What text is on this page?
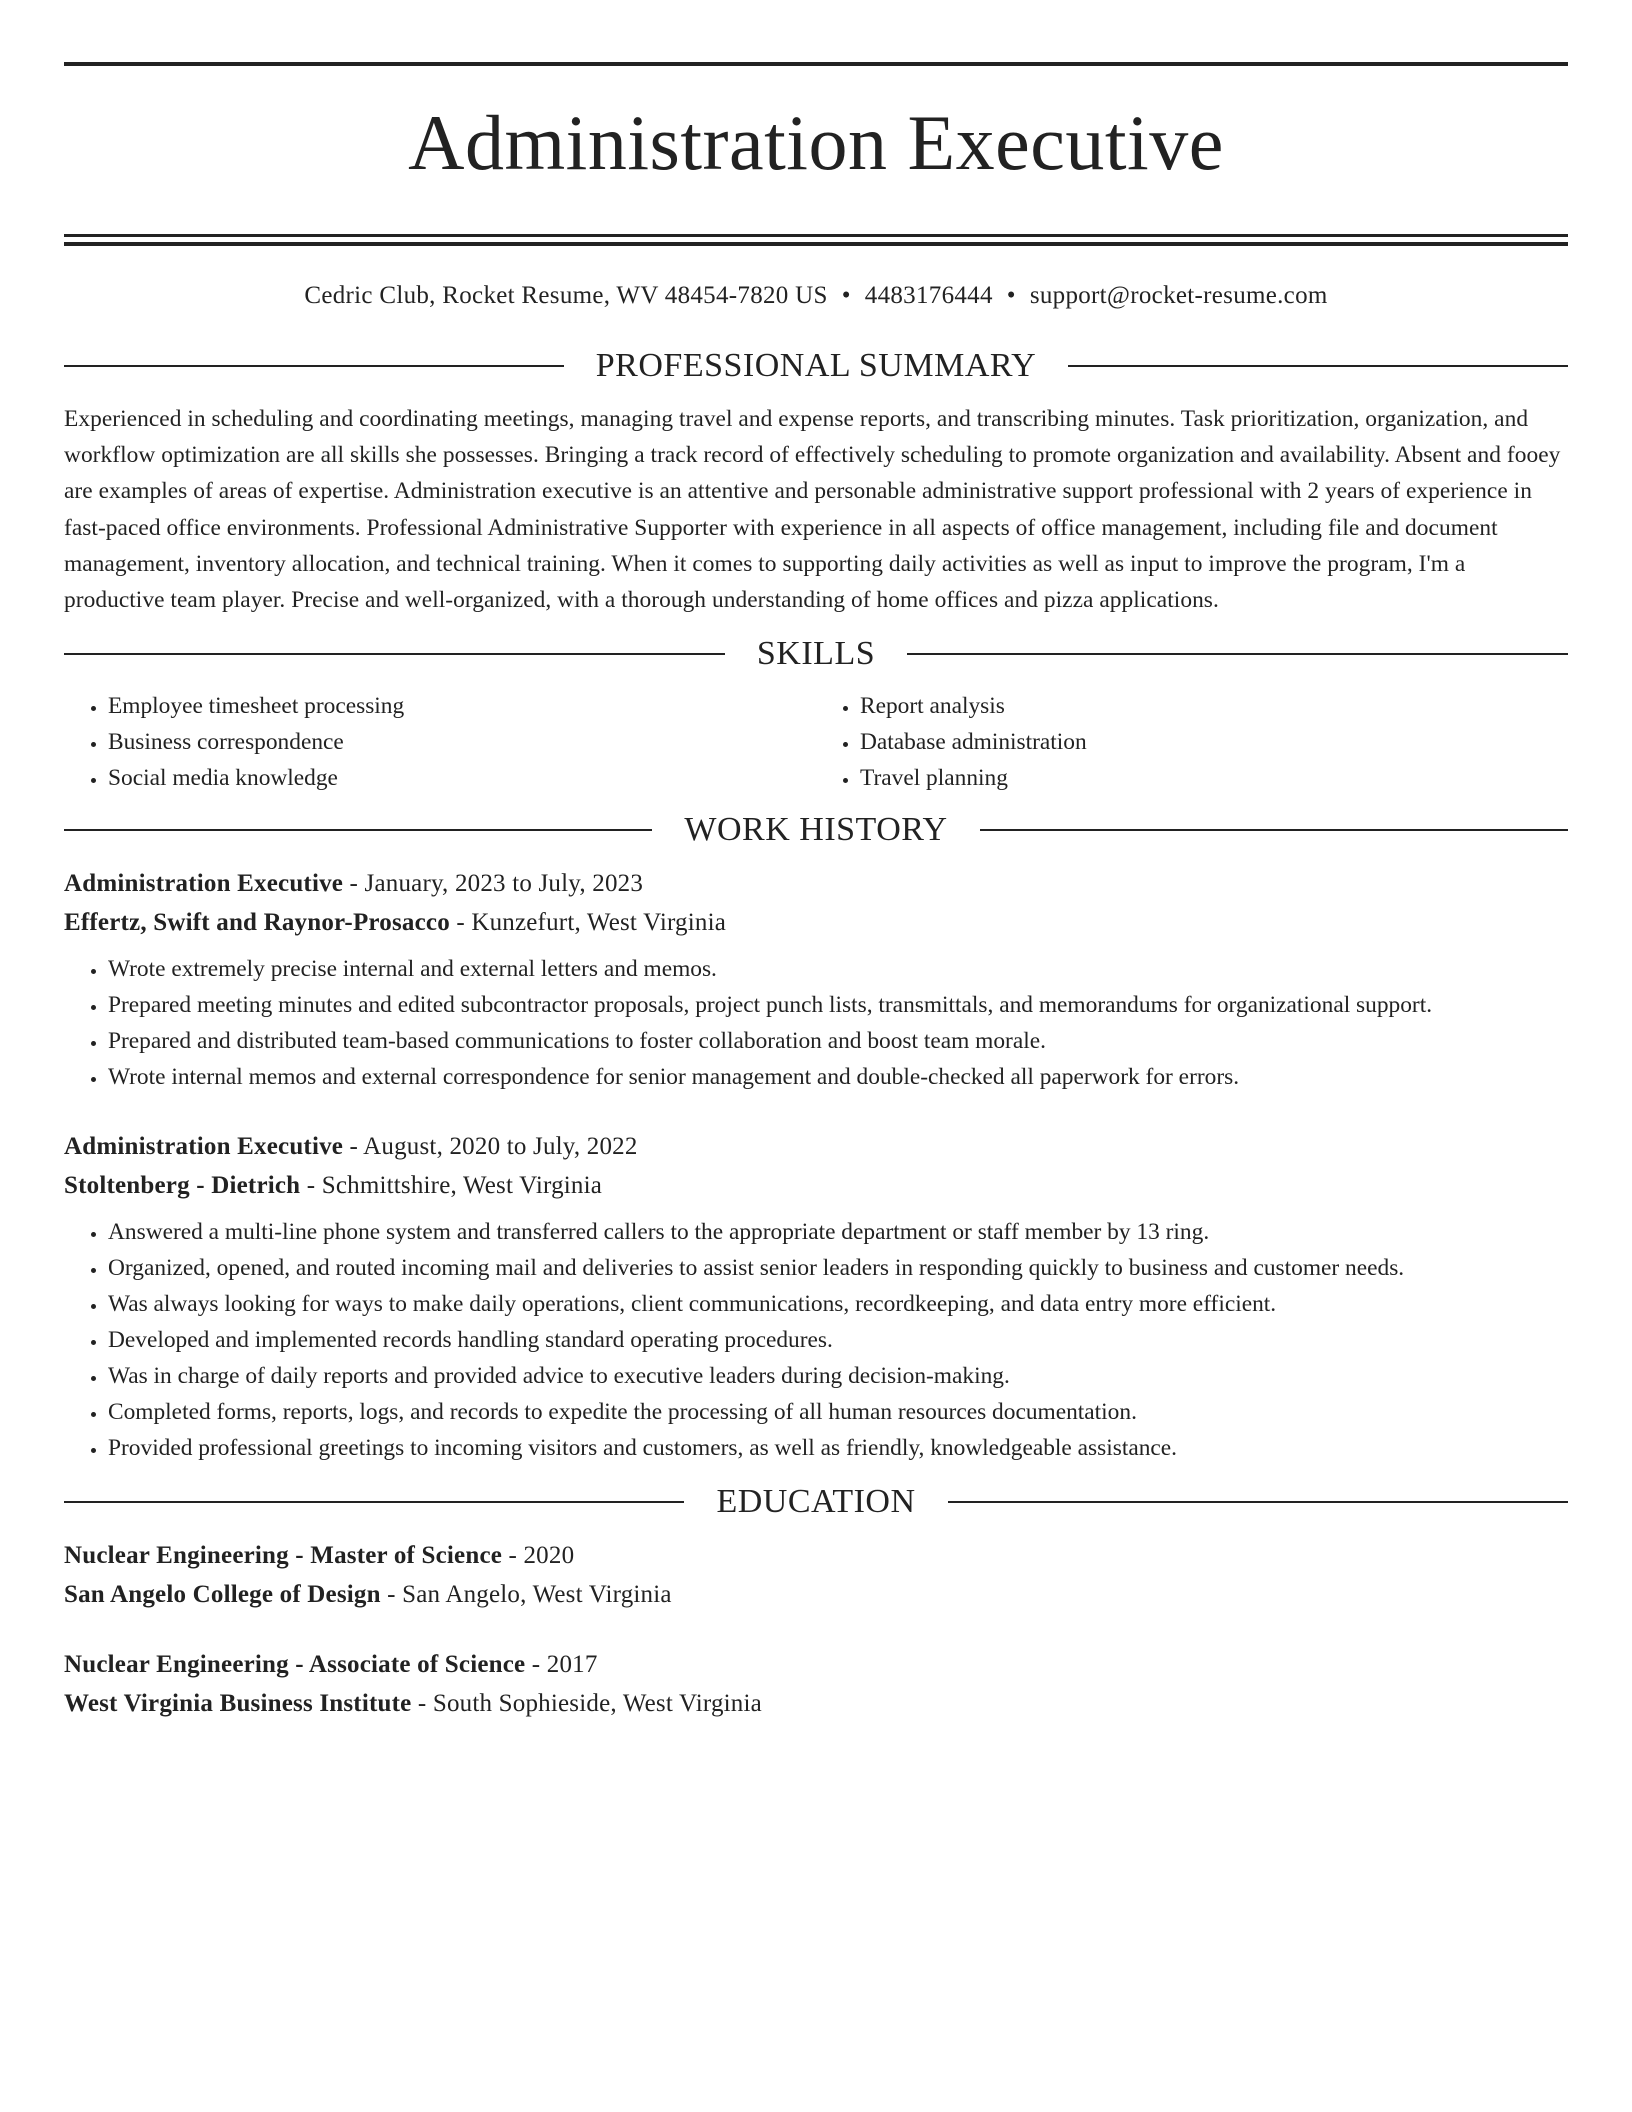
Administration Executive
Cedric Club, Rocket Resume, WV 48454-7820 US • 4483176444 • support@rocket-resume.com
PROFESSIONAL SUMMARY
Experienced in scheduling and coordinating meetings, managing travel and expense reports, and transcribing minutes. Task prioritization, organization, and workflow optimization are all skills she possesses. Bringing a track record of effectively scheduling to promote organization and availability. Absent and fooey are examples of areas of expertise. Administration executive is an attentive and personable administrative support professional with 2 years of experience in fast-paced office environments. Professional Administrative Supporter with experience in all aspects of office management, including file and document management, inventory allocation, and technical training. When it comes to supporting daily activities as well as input to improve the program, I'm a productive team player. Precise and well-organized, with a thorough understanding of home offices and pizza applications.
SKILLS
• Employee timesheet processing
• Business correspondence
• Social media knowledge
• Report analysis
• Database administration
• Travel planning
WORK HISTORY
Administration Executive - January, 2023 to July, 2023
Effertz, Swift and Raynor-Prosacco - Kunzefurt, West Virginia
• Wrote extremely precise internal and external letters and memos.
• Prepared meeting minutes and edited subcontractor proposals, project punch lists, transmittals, and memorandums for organizational support.
• Prepared and distributed team-based communications to foster collaboration and boost team morale.
• Wrote internal memos and external correspondence for senior management and double-checked all paperwork for errors.
Administration Executive - August, 2020 to July, 2022
Stoltenberg - Dietrich - Schmittshire, West Virginia
• Answered a multi-line phone system and transferred callers to the appropriate department or staff member by 13 ring.
• Organized, opened, and routed incoming mail and deliveries to assist senior leaders in responding quickly to business and customer needs.
• Was always looking for ways to make daily operations, client communications, recordkeeping, and data entry more efficient.
• Developed and implemented records handling standard operating procedures.
• Was in charge of daily reports and provided advice to executive leaders during decision-making.
• Completed forms, reports, logs, and records to expedite the processing of all human resources documentation.
• Provided professional greetings to incoming visitors and customers, as well as friendly, knowledgeable assistance.
EDUCATION
Nuclear Engineering - Master of Science - 2020
San Angelo College of Design - San Angelo, West Virginia
Nuclear Engineering - Associate of Science - 2017
West Virginia Business Institute - South Sophieside, West Virginia
